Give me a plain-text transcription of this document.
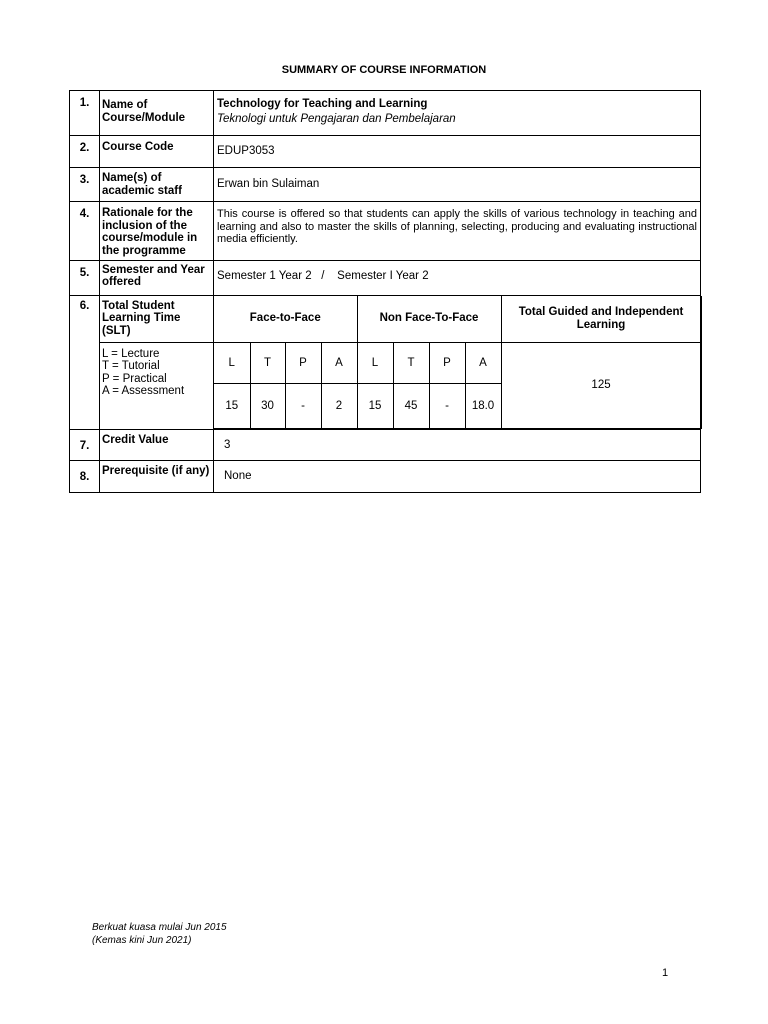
SUMMARY OF COURSE INFORMATION
1.	Name of Course/Module	
Technology for Teaching and Learning
Teknologi untuk Pengajaran dan Pembelajaran

2.	Course Code	EDUP3053
3.	Name(s) of academic staff	Erwan bin Sulaiman
4.	Rationale for the inclusion of the course/module in the programme	This course is offered so that students can apply the skills of various technology in teaching and learning and also to master the skills of planning, selecting, producing and evaluating instructional media efficiently.
5.	Semester and Year offered	Semester 1 Year 2   /    Semester I Year 2
6.	Total Student Learning Time (SLT)
L = Lecture
T = Tutorial
P = Practical
A = Assessment

Face-to-Face	Non Face-To-Face	Total Guided and Independent Learning
L	T	P	A	L	T	P	A	125
15	30	-	2	15	45	-	18.0

7.	Credit Value	3
8.	Prerequisite (if any)	None
Berkuat kuasa mulai Jun 2015
(Kemas kini Jun 2021)
1
